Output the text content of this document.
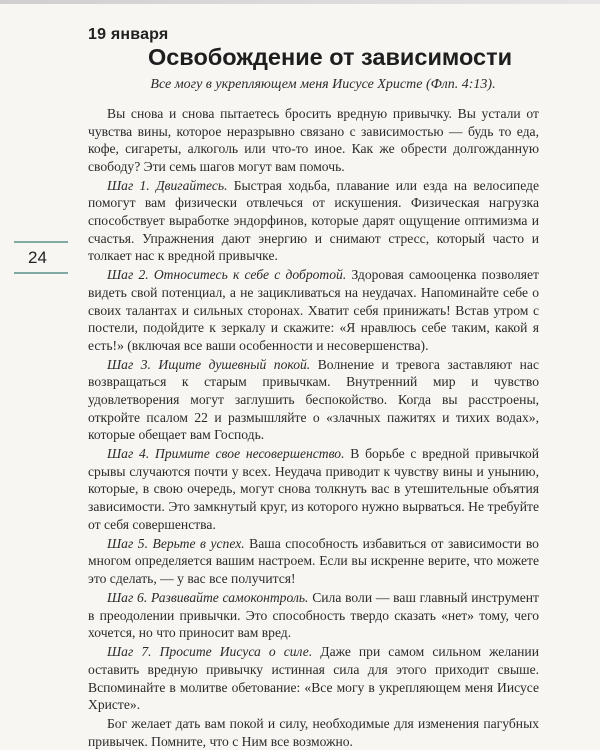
19 января
Освобождение от зависимости
Все могу в укрепляющем меня Иисусе Христе (Флп. 4:13).
24

Вы снова и снова пытаетесь бросить вредную привычку. Вы устали от чувства вины, которое неразрывно связано с зависимостью — будь то еда, кофе, сигареты, алкоголь или что-то иное. Как же обрести долгожданную свободу? Эти семь шагов могут вам помочь.

Шаг 1. Двигайтесь. Быстрая ходьба, плавание или езда на велосипеде помогут вам физически отвлечься от искушения. Физическая нагрузка способствует выработке эндорфинов, которые дарят ощущение оптимизма и счастья. Упражнения дают энергию и снимают стресс, который часто и толкает нас к вредной привычке.

Шаг 2. Относитесь к себе с добротой. Здоровая самооценка позволяет видеть свой потенциал, а не зацикливаться на неудачах. Напоминайте себе о своих талантах и сильных сторонах. Хватит себя принижать! Встав утром с постели, подойдите к зеркалу и скажите: «Я нравлюсь себе таким, какой я есть!» (включая все ваши особенности и несовершенства).

Шаг 3. Ищите душевный покой. Волнение и тревога заставляют нас возвращаться к старым привычкам. Внутренний мир и чувство удовлетворения могут заглушить беспокойство. Когда вы расстроены, откройте псалом 22 и размышляйте о «злачных пажитях и тихих водах», которые обещает вам Господь.

Шаг 4. Примите свое несовершенство. В борьбе с вредной привычкой срывы случаются почти у всех. Неудача приводит к чувству вины и унынию, которые, в свою очередь, могут снова толкнуть вас в утешительные объятия зависимости. Это замкнутый круг, из которого нужно вырваться. Не требуйте от себя совершенства.

Шаг 5. Верьте в успех. Ваша способность избавиться от зависимости во многом определяется вашим настроем. Если вы искренне верите, что можете это сделать, — у вас все получится!

Шаг 6. Развивайте самоконтроль. Сила воли — ваш главный инструмент в преодолении привычки. Это способность твердо сказать «нет» тому, чего хочется, но что приносит вам вред.

Шаг 7. Просите Иисуса о силе. Даже при самом сильном желании оставить вредную привычку истинная сила для этого приходит свыше. Вспоминайте в молитве обетование: «Все могу в укрепляющем меня Иисусе Христе».

Бог желает дать вам покой и силу, необходимые для изменения пагубных привычек. Помните, что с Ним все возможно.
